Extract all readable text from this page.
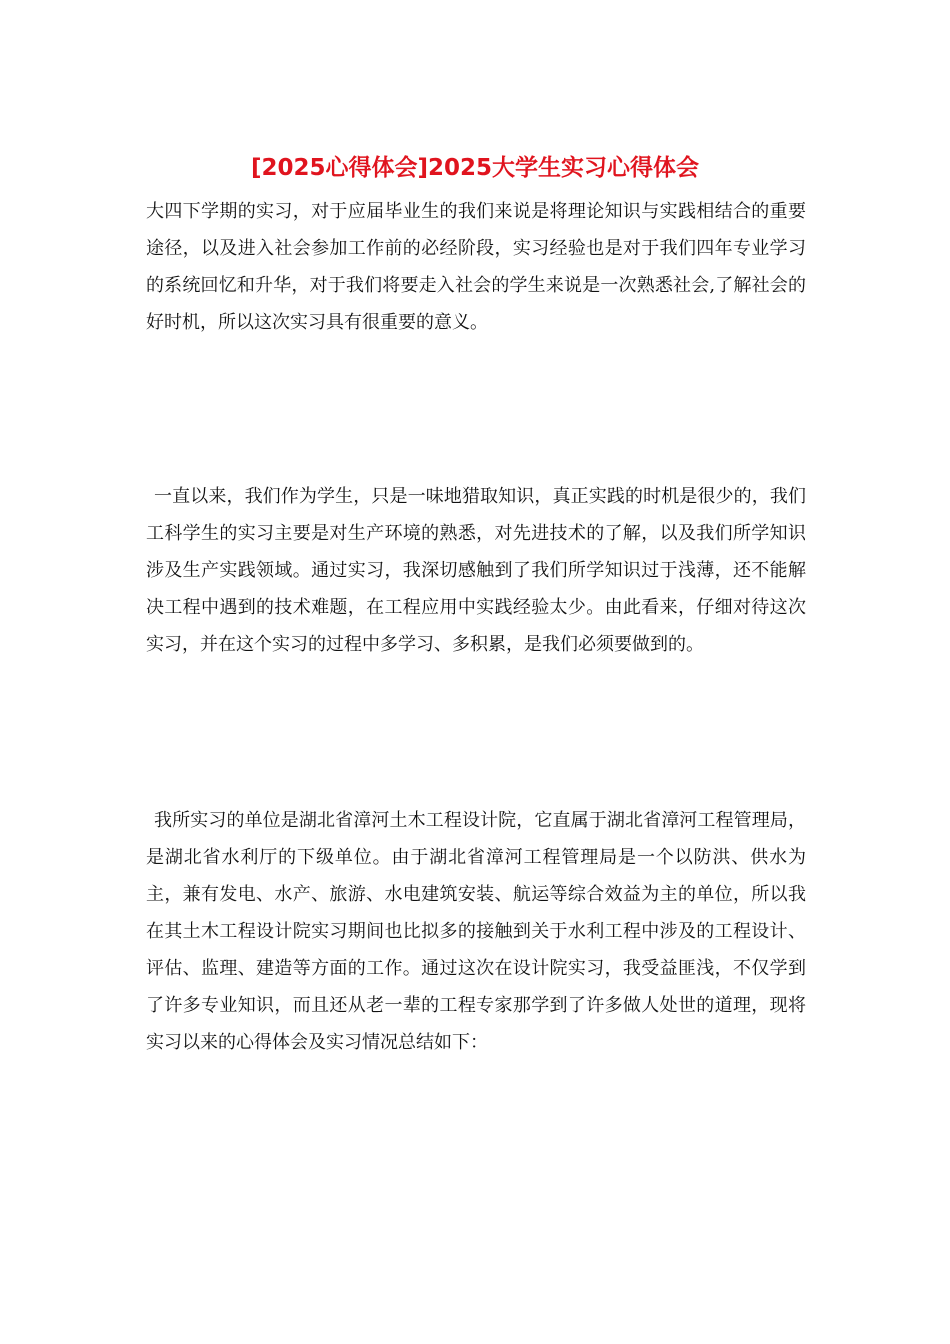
[2025心得体会]2025大学生实习心得体会

大四下学期的实习，对于应届毕业生的我们来说是将理论知识与实践相结合的重要途径，以及进入社会参加工作前的必经阶段，实习经验也是对于我们四年专业学习的系统回忆和升华，对于我们将要走入社会的学生来说是一次熟悉社会,了解社会的好时机，所以这次实习具有很重要的意义。

一直以来，我们作为学生，只是一味地猎取知识，真正实践的时机是很少的，我们工科学生的实习主要是对生产环境的熟悉，对先进技术的了解，以及我们所学知识涉及生产实践领域。通过实习，我深切感触到了我们所学知识过于浅薄，还不能解决工程中遇到的技术难题，在工程应用中实践经验太少。由此看来，仔细对待这次实习，并在这个实习的过程中多学习、多积累，是我们必须要做到的。

我所实习的单位是湖北省漳河土木工程设计院，它直属于湖北省漳河工程管理局，是湖北省水利厅的下级单位。由于湖北省漳河工程管理局是一个以防洪、供水为主，兼有发电、水产、旅游、水电建筑安装、航运等综合效益为主的单位，所以我在其土木工程设计院实习期间也比拟多的接触到关于水利工程中涉及的工程设计、评估、监理、建造等方面的工作。通过这次在设计院实习，我受益匪浅，不仅学到了许多专业知识，而且还从老一辈的工程专家那学到了许多做人处世的道理，现将实习以来的心得体会及实习情况总结如下：
